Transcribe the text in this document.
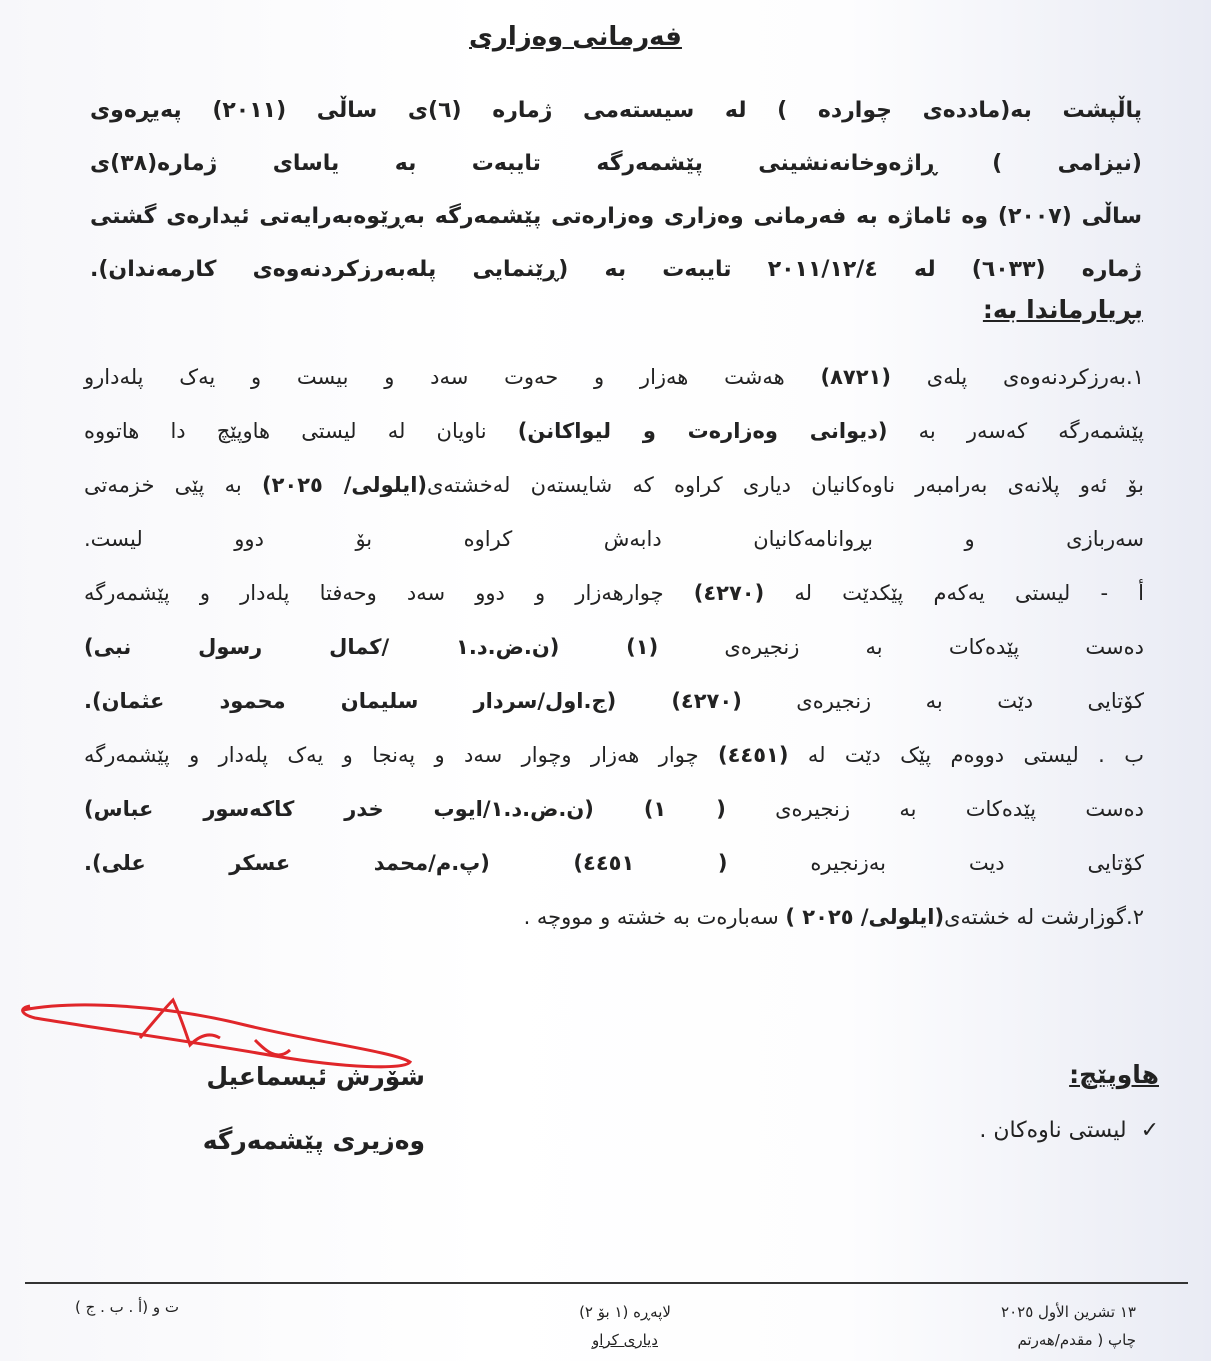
فەرمانی وەزاری

پاڵپشت بە(ماددەی چواردە ) لە سیستەمی ژمارە (٦)ی ساڵی (٢٠١١) پەیڕەوی

(نیزامی ) ڕاژەوخانەنشینی پێشمەرگە تایبەت بە یاسای ژمارە(٣٨)ی

ساڵی (٢٠٠٧) وە ئاماژە بە فەرمانی وەزاری وەزارەتی پێشمەرگە بەڕێوەبەرایەتی ئیدارەی گشتی

ژمارە (٦٠٣٣) لە ٢٠١١/١٢/٤ تایبەت بە (ڕێنمایی پلەبەرزکردنەوەی کارمەندان).

بڕیارماندا بە:

١.بەرزکردنەوەی پلەی (٨٧٢١) هەشت هەزار و حەوت سەد و بیست و یەک پلەدارو

پێشمەرگە کەسەر بە (دیوانی وەزارەت و لیواکانن) ناویان لە لیستی هاوپێچ دا هاتووە

بۆ ئەو پلانەی بەرامبەر ناوەکانیان دیاری کراوە کە شایستەن لەخشتەی(ایلولی/ ٢٠٢٥) بە پێی خزمەتی

سەربازی و بڕوانامەکانیان دابەش کراوە بۆ دوو لیست.

أ - لیستی یەکەم پێکدێت لە (٤٢٧٠) چوارهەزار و دوو سەد وحەفتا پلەدار و پێشمەرگە

دەست پێدەکات بە زنجیرەی (١) (ن.ض.د.١ /کمال رسول نبی)

کۆتایی دێت بە زنجیرەی (٤٢٧٠) (ج.اول/سردار سلیمان محمود عثمان).

ب . لیستی دووەم پێک دێت لە (٤٤٥١) چوار هەزار وچوار سەد و پەنجا و یەک پلەدار و پێشمەرگە

دەست پێدەکات بە زنجیرەی ( ١) (ن.ض.د.١/ایوب خدر کاکەسور عباس)

کۆتایی دیت بەزنجیرە ( ٤٤٥١) (پ.م/محمد عسکر علی).

٢.گوزارشت لە خشتەی(ایلولی/ ٢٠٢٥ ) سەبارەت بە خشتە و مووچە .

شۆرش ئیسماعیل
وەزیری پێشمەرگە
هاوپێچ:
✓لیستی ناوەکان .
١٣ تشرين الأول ٢٠٢٥
چاپ ( مقدم/هەرتم
لاپەڕە (١ بۆ ٢)
دیاری کراو
ت و (أ . ب . ج )
